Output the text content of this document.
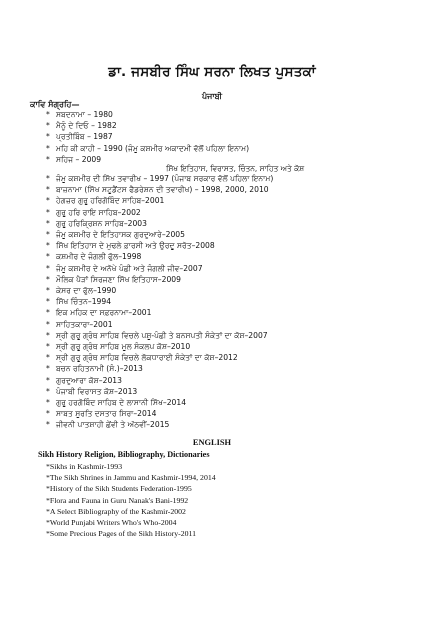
ਡਾ. ਜਸਬੀਰ ਸਿੰਘ ਸਰਨਾ ਲਿਖਤ ਪੁਸਤਕਾਂ
ਪੰਜਾਬੀ
ਕਾਵਿ ਸੰਗ੍ਰਹਿ—
* ਸਬਦਨਾਮਾ – 1980
* ਮੈਨੂੰ ਦੇ ਦਿਓ – 1982
* ਪ੍ਰਤੀਬਿੰਬ – 1987
* ਮਹਿ ਕੀ ਕਾਹੀ – 1990 (ਜੰਮੂ ਕਸ਼ਮੀਰ ਅਕਾਦਮੀ ਵੱਲੋਂ ਪਹਿਲਾ ਇਨਾਮ)
* ਸਹਿਜ – 2009
ਸਿੱਖ ਇਤਿਹਾਸ, ਵਿਰਾਸਤ, ਚਿੰਤਨ, ਸਾਹਿਤ ਅਤੇ ਕੋਸ਼
* ਜੰਮੂ ਕਸ਼ਮੀਰ ਦੀ ਸਿੱਖ ਤਵਾਰੀਖ – 1997 (ਪੰਜਾਬ ਸਰਕਾਰ ਵੱਲੋਂ ਪਹਿਲਾ ਇਨਾਮ)
* ਬਾਜ਼ਨਾਮਾ (ਸਿੱਖ ਸਟੂਡੈਂਟਸ ਫੈਡਰੇਸ਼ਨ ਦੀ ਤਵਾਰੀਖ) – 1998, 2000, 2010
* ਹੇਗਜ਼ਰ ਗੁਰੂ ਹਰਿਗੋਬਿੰਦ ਸਾਹਿਬ–2001
* ਗੁਰੂ ਹਰਿ ਰਾਇ ਸਾਹਿਬ–2002
* ਗੁਰੂ ਹਰਿਕ੍ਰਿਸ਼ਨ ਸਾਹਿਬ–2003
* ਜੰਮੂ ਕਸ਼ਮੀਰ ਦੇ ਇਤਿਹਾਸਕ ਗੁਰਦੁਆਰੇ–2005
* ਸਿੱਖ ਇਤਿਹਾਸ ਦੇ ਮੁਢਲੇ ਫ਼ਾਰਸੀ ਅਤੇ ਉਰਦੂ ਸਰੋਤ–2008
* ਕਸ਼ਮੀਰ ਦੇ ਜੰਗਲੀ ਫੁੱਲ–1998
* ਜੰਮੂ ਕਸ਼ਮੀਰ ਦੇ ਅਨੋਖੇ ਪੰਛੀ ਅਤੇ ਜੰਗਲੀ ਜੀਵ–2007
* ਮੌਲਿਕ ਪੈੜਾਂ ਸਿਰਜਣਾ ਸਿੱਖ ਇਤਿਹਾਸ–2009
* ਕੇਸਰ ਦਾ ਫੁੱਲ–1990
* ਸਿੱਖ ਚਿੰਤਨ–1994
* ਇਕ ਮਹਿਕ ਦਾ ਸਫ਼ਰਨਾਮਾ–2001
* ਸਾਹਿਤਕਾਰਾ–2001
* ਸ੍ਰੀ ਗੁਰੂ ਗ੍ਰੰਥ ਸਾਹਿਬ ਵਿਚਲੇ ਪਸ਼ੂ-ਪੰਛੀ ਤੇ ਬਨਸਪਤੀ ਸੰਕੇਤਾਂ ਦਾ ਕੋਸ਼–2007
* ਸ੍ਰੀ ਗੁਰੂ ਗ੍ਰੰਥ ਸਾਹਿਬ ਮੂਲ ਸੰਕਲਪ ਕੋਸ਼–2010
* ਸ੍ਰੀ ਗੁਰੂ ਗ੍ਰੰਥ ਸਾਹਿਬ ਵਿਚਲੇ ਲੋਕਧਾਰਾਈ ਸੰਕੇਤਾਂ ਦਾ ਕੋਸ਼–2012
* ਬਚਨ ਰਹਿਤਨਾਮੀ (ਸੰ.)–2013
* ਗੁਰਦੁਆਰਾ ਕੋਸ਼–2013
* ਪੰਜਾਬੀ ਵਿਰਾਸਤ ਕੋਸ਼–2013
* ਗੁਰੂ ਹਰਗੋਬਿੰਦ ਸਾਹਿਬ ਦੇ ਲਾਸਾਨੀ ਸਿੱਖ–2014
* ਸਾਬਤ ਸੂਰਤਿ ਦਸਤਾਰ ਸਿਰਾ–2014
* ਜੀਵਨੀ ਪਾਤਸ਼ਾਹੀ ਛੇਂਵੀ ਤੇ ਅੱਠਵੀਂ–2015
ENGLISH
Sikh History Religion, Bibliography, Dictionaries
*Sikhs in Kashmir-1993
*The Sikh Shrines in Jammu and Kashmir-1994, 2014
*History of the Sikh Students Federation-1995
*Flora and Fauna in Guru Nanak's Bani-1992
*A Select Bibliography of the Kashmir-2002
*World Punjabi Writers Who's Who-2004
*Some Precious Pages of the Sikh History-2011
